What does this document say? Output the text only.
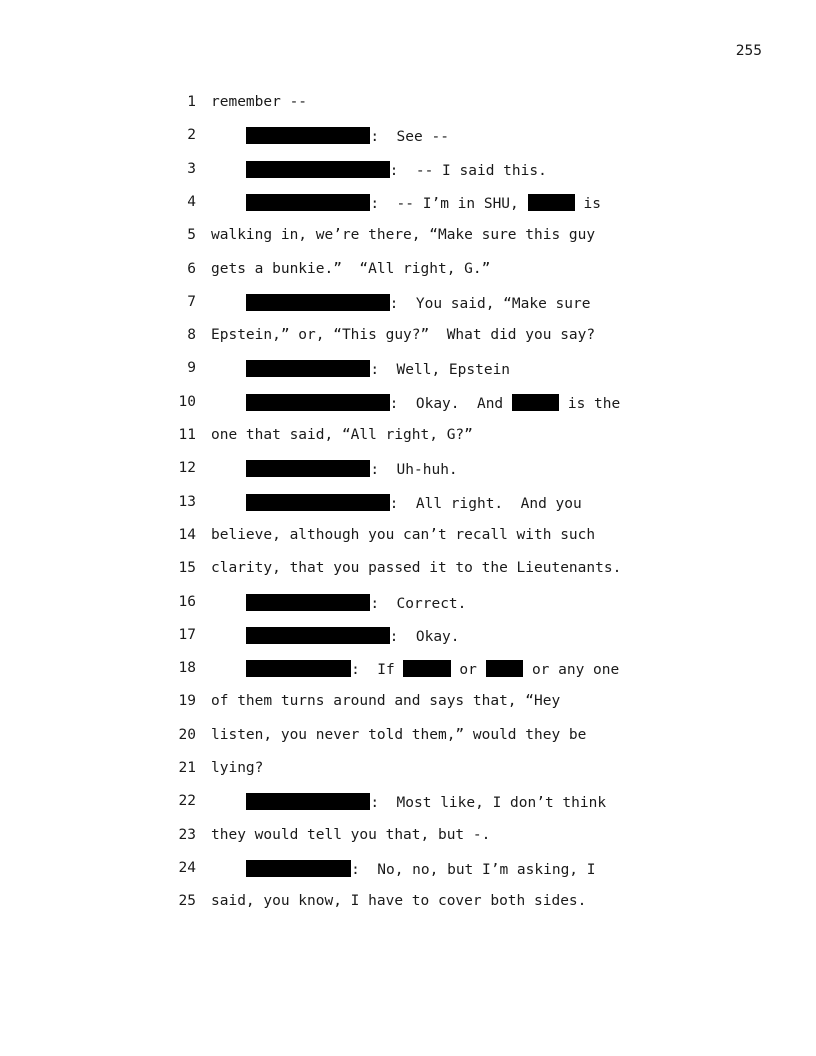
255
1 remember --
2	:  See --
3	:  -- I said this.
4	:  -- I’m in SHU,	is
5 walking in, we’re there, “Make sure this guy
6 gets a bunkie.”  “All right, G.”
7	:  You said, “Make sure
8 Epstein,” or, “This guy?”  What did you say?
9	:  Well, Epstein
10	:  Okay.  And	is the
11 one that said, “All right, G?”
12	:  Uh-huh.
13	:  All right.  And you
14 believe, although you can’t recall with such
15 clarity, that you passed it to the Lieutenants.
16	:  Correct.
17	:  Okay.
18	:  If	or	or any one
19 of them turns around and says that, “Hey
20 listen, you never told them,” would they be
21 lying?
22	:  Most like, I don’t think
23 they would tell you that, but -.
24	:  No, no, but I’m asking, I
25 said, you know, I have to cover both sides.
